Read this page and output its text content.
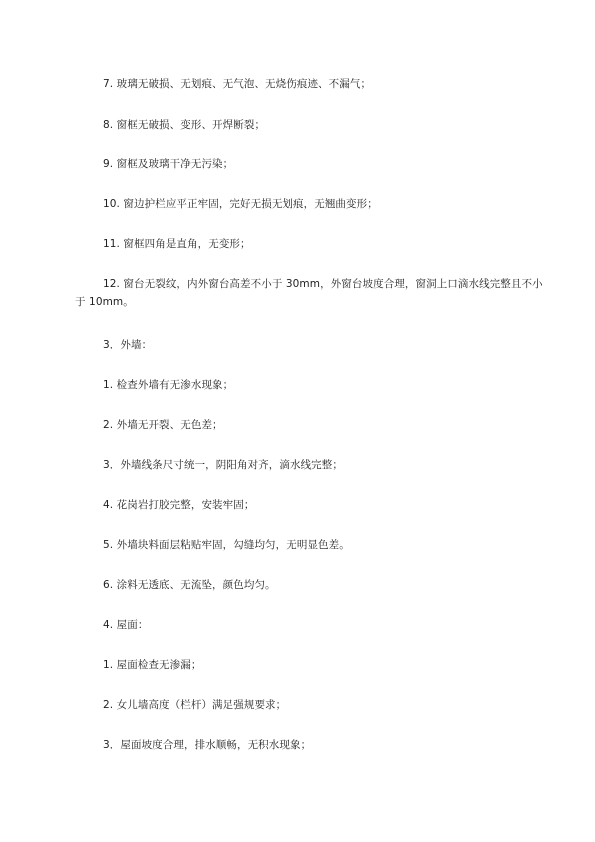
7. 玻璃无破损、无划痕、无气泡、无烧伤痕迹、不漏气；
8. 窗框无破损、变形、开焊断裂；
9. 窗框及玻璃干净无污染；
10. 窗边护栏应平正牢固，完好无损无划痕，无翘曲变形；
11. 窗框四角是直角，无变形；
12. 窗台无裂纹，内外窗台高差不小于 30mm，外窗台坡度合理，窗洞上口滴水线完整且不小于 10mm。
3．外墙：
1. 检查外墙有无渗水现象；
2. 外墙无开裂、无色差；
3．外墙线条尺寸统一，阴阳角对齐，滴水线完整；
4. 花岗岩打胶完整，安装牢固；
5. 外墙块料面层粘贴牢固，勾缝均匀，无明显色差。
6. 涂料无透底、无流坠，颜色均匀。
4. 屋面：
1. 屋面检查无渗漏；
2. 女儿墙高度（栏杆）满足强规要求；
3．屋面坡度合理，排水顺畅，无积水现象；
